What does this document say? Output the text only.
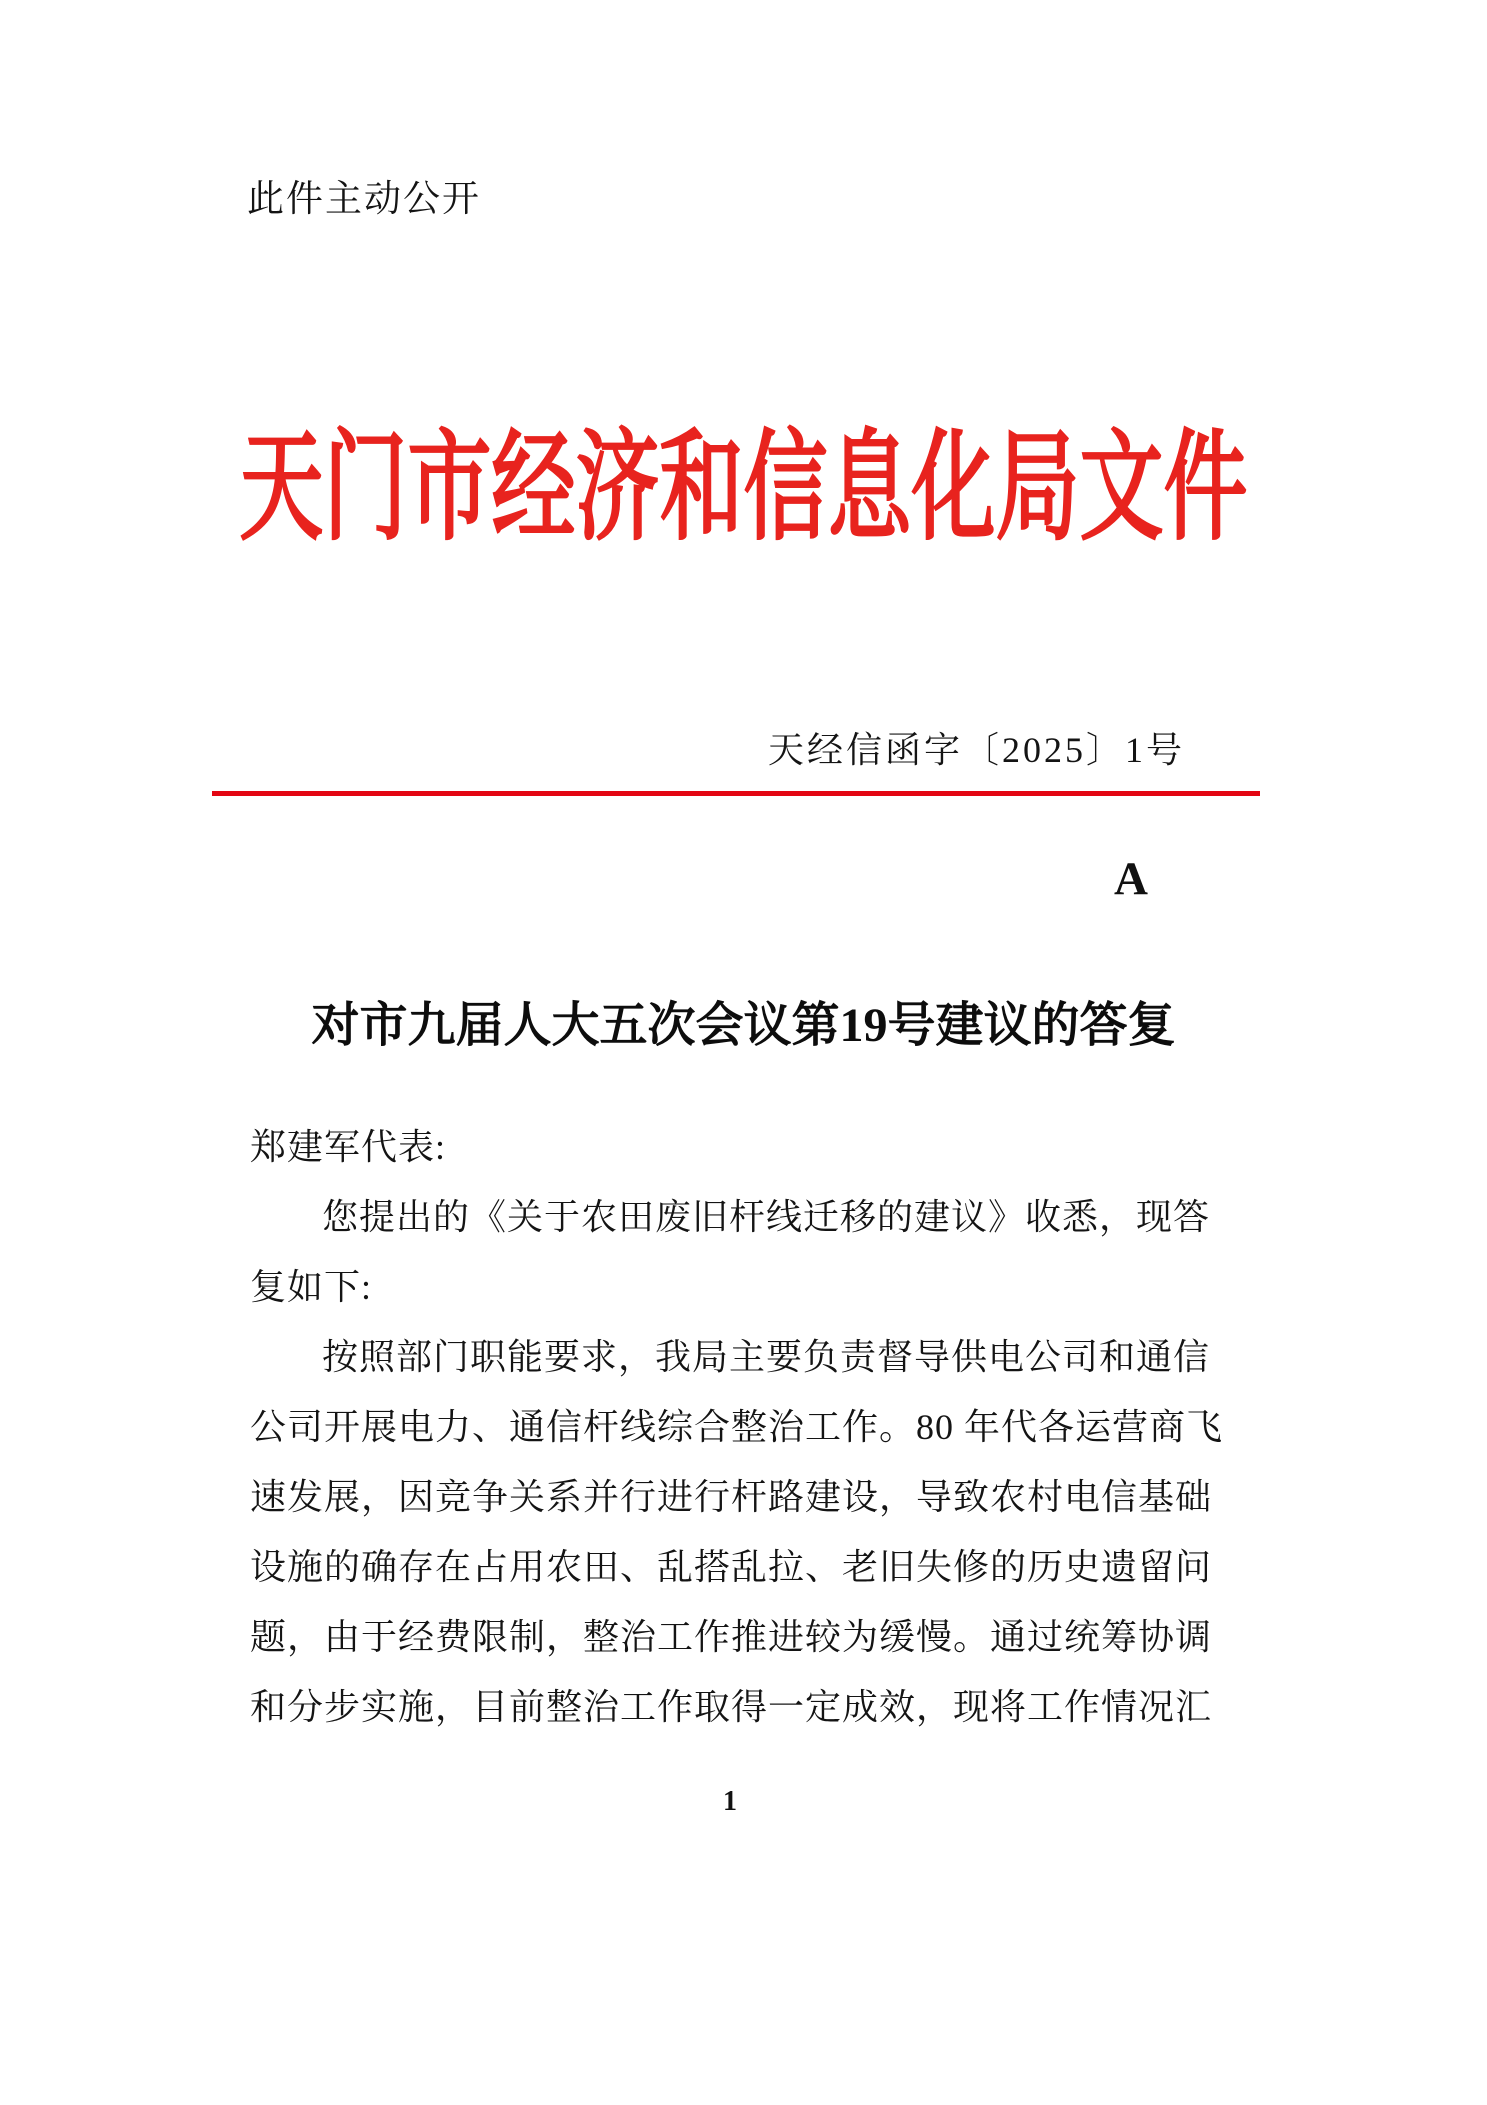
此件主动公开
天门市经济和信息化局文件
天经信函字〔2025〕1号
A
对市九届人大五次会议第19号建议的答复
郑建军代表:
您提出的《关于农田废旧杆线迁移的建议》收悉，现答
复如下:
按照部门职能要求，我局主要负责督导供电公司和通信
公司开展电力、通信杆线综合整治工作。80 年代各运营商飞
速发展，因竞争关系并行进行杆路建设，导致农村电信基础
设施的确存在占用农田、乱搭乱拉、老旧失修的历史遗留问
题，由于经费限制，整治工作推进较为缓慢。通过统筹协调
和分步实施，目前整治工作取得一定成效，现将工作情况汇
1
